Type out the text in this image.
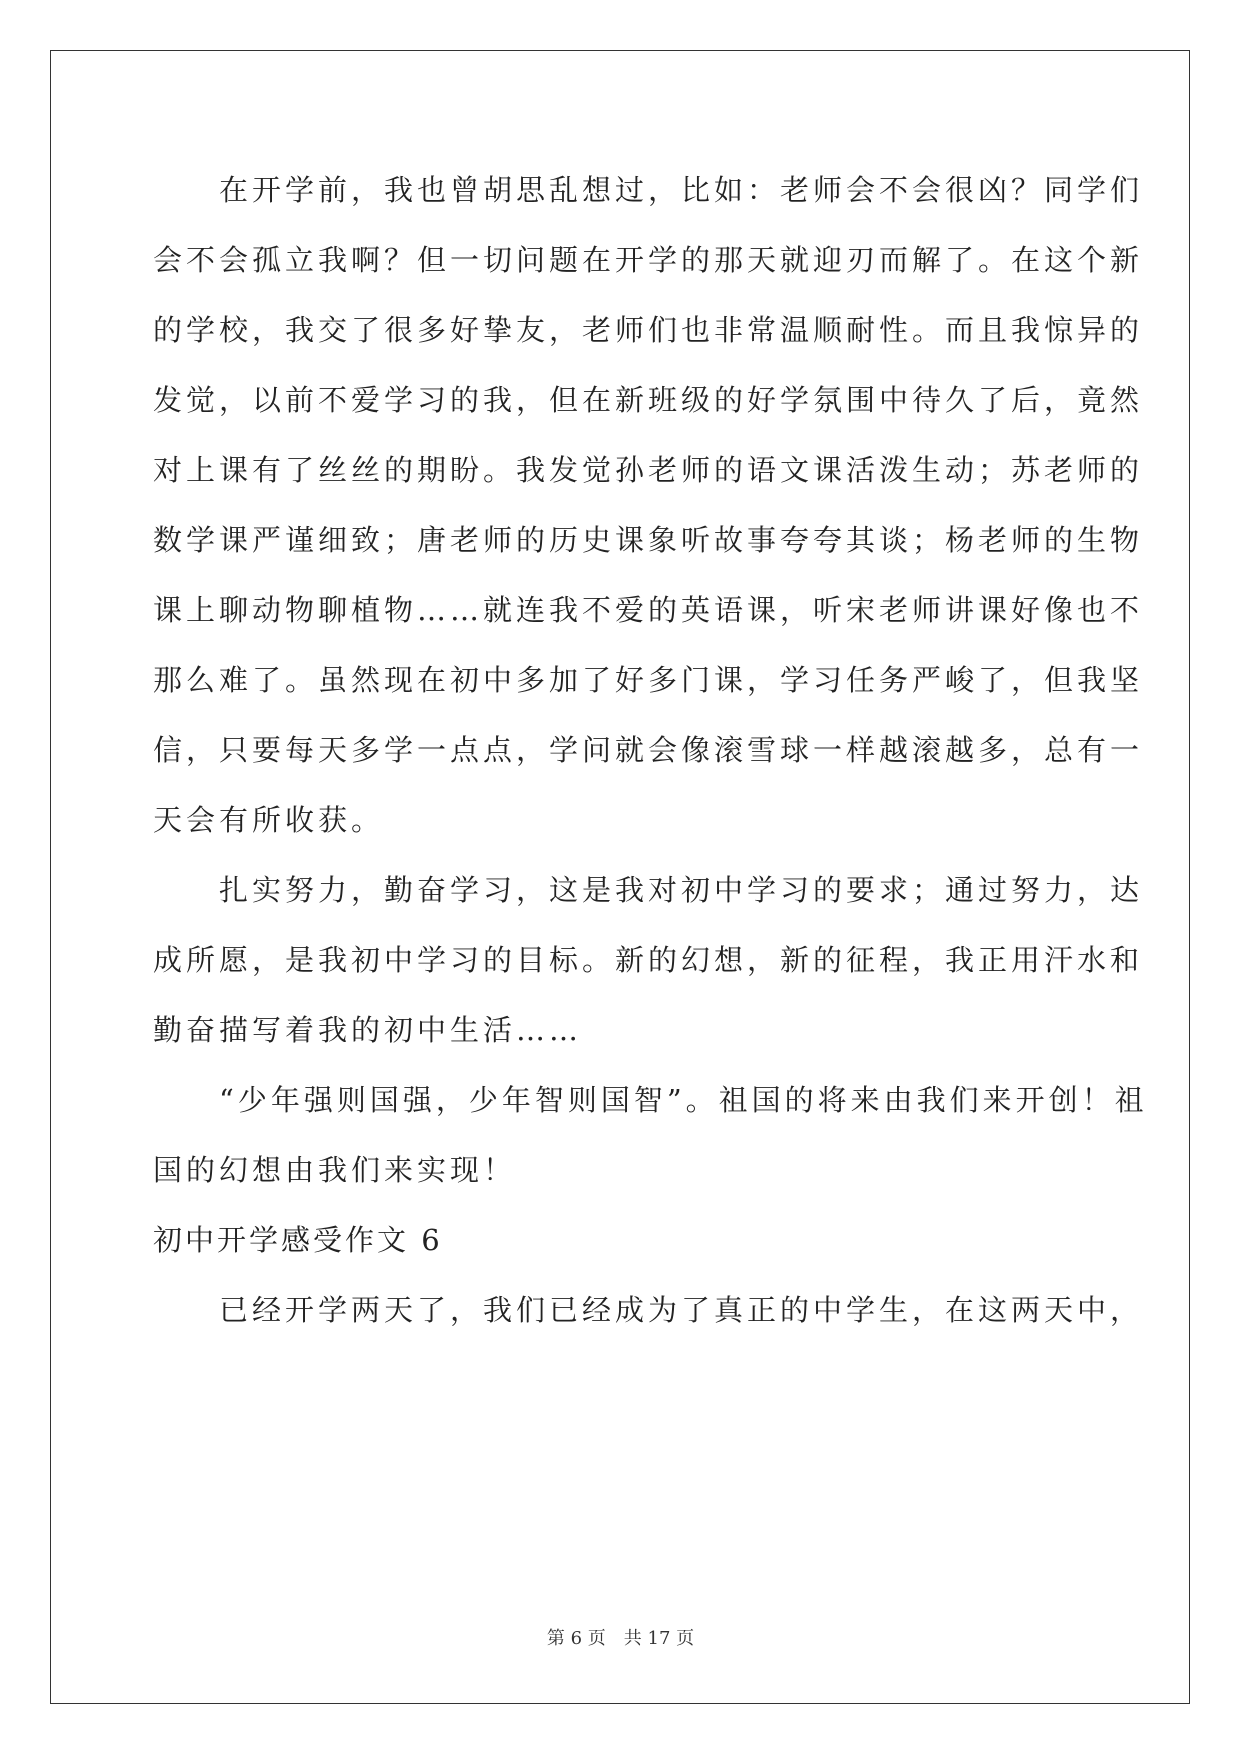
　　在开学前，我也曾胡思乱想过，比如：老师会不会很凶？同学们

会不会孤立我啊？但一切问题在开学的那天就迎刃而解了。在这个新

的学校，我交了很多好挚友，老师们也非常温顺耐性。而且我惊异的

发觉，以前不爱学习的我，但在新班级的好学氛围中待久了后，竟然

对上课有了丝丝的期盼。我发觉孙老师的语文课活泼生动；苏老师的

数学课严谨细致；唐老师的历史课象听故事夸夸其谈；杨老师的生物

课上聊动物聊植物……就连我不爱的英语课，听宋老师讲课好像也不

那么难了。虽然现在初中多加了好多门课，学习任务严峻了，但我坚

信，只要每天多学一点点，学问就会像滚雪球一样越滚越多，总有一

天会有所收获。

　　扎实努力，勤奋学习，这是我对初中学习的要求；通过努力，达

成所愿，是我初中学习的目标。新的幻想，新的征程，我正用汗水和

勤奋描写着我的初中生活……

　　“少年强则国强，少年智则国智”。祖国的将来由我们来开创！祖

国的幻想由我们来实现！

初中开学感受作文 6

　　已经开学两天了，我们已经成为了真正的中学生，在这两天中，

第 6 页　共 17 页
